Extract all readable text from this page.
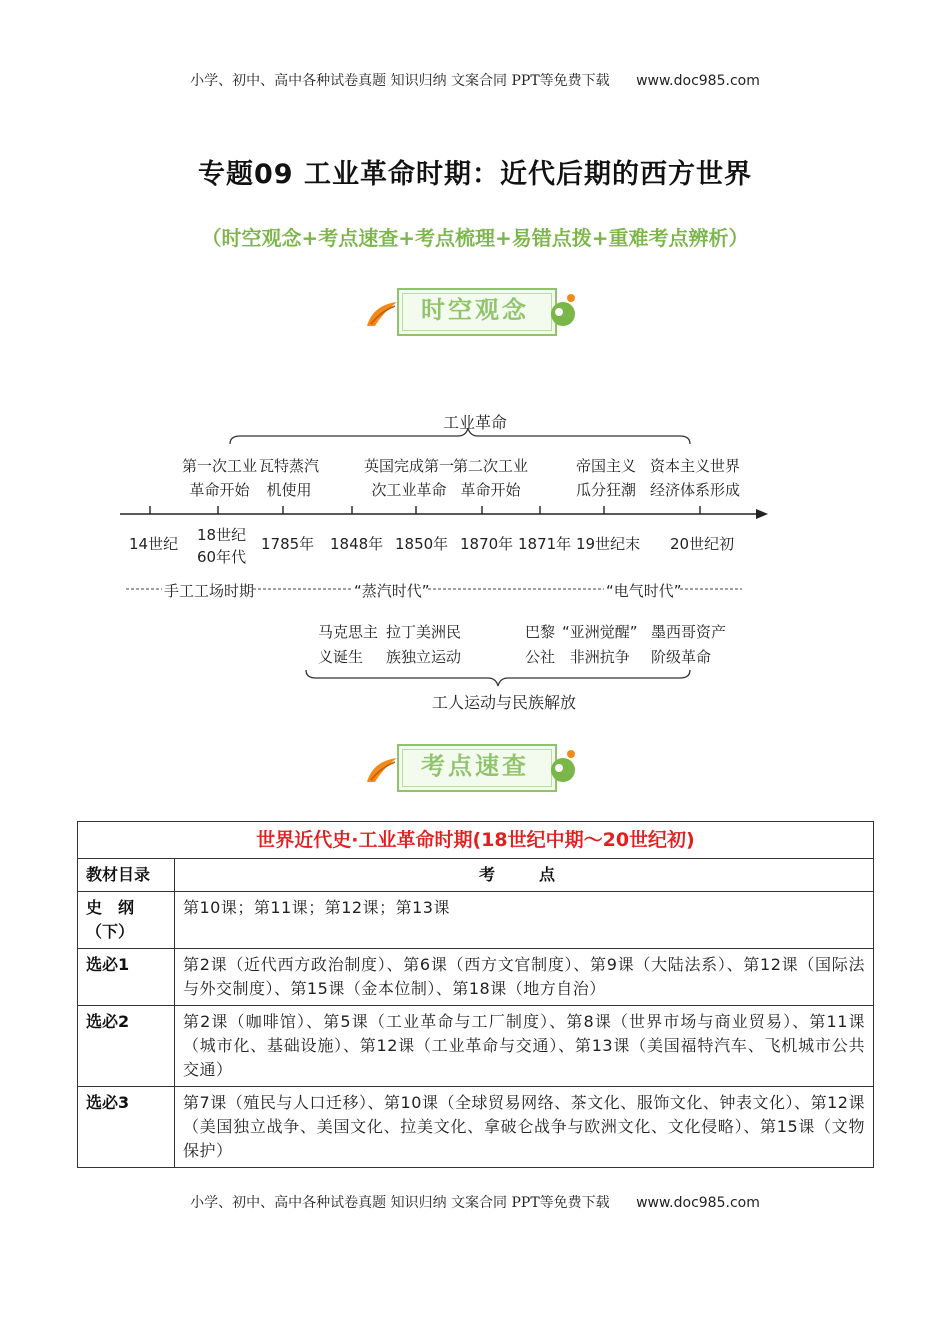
小学、初中、高中各种试卷真题 知识归纳 文案合同 PPT等免费下载 www.doc985.com
专题09 工业革命时期：近代后期的西方世界
（时空观念+考点速查+考点梳理+易错点拨+重难考点辨析）
时空观念
工业革命
第一次工业
革命开始
瓦特蒸汽
机使用
英国完成第一
次工业革命
第二次工业
革命开始
帝国主义
瓜分狂潮
资本主义世界
经济体系形成
14世纪 18世纪
60年代
1785年 1848年 1850年 1870年 1871年 19世纪末 20世纪初
手工工场时期	“蒸汽时代”	“电气时代”
马克思主
义诞生
拉丁美洲民
族独立运动
巴黎
公社
“亚洲觉醒”
非洲抗争
墨西哥资产
阶级革命
工人运动与民族解放
考点速查
世界近代史·工业革命时期(18世纪中期～20世纪初)	
教材目录	考　点
史　纲（下）	第10课；第11课；第12课；第13课
选必1	第2课（近代西方政治制度）、第6课（西方文官制度）、第9课（大陆法系）、第12课（国际法与外交制度）、第15课（金本位制）、第18课（地方自治）
选必2	第2课（咖啡馆）、第5课（工业革命与工厂制度）、第8课（世界市场与商业贸易）、第11课（城市化、基础设施）、第12课（工业革命与交通）、第13课（美国福特汽车、飞机城市公共交通）
选必3	第7课（殖民与人口迁移）、第10课（全球贸易网络、茶文化、服饰文化、钟表文化）、第12课（美国独立战争、美国文化、拉美文化、拿破仑战争与欧洲文化、文化侵略）、第15课（文物保护）
小学、初中、高中各种试卷真题 知识归纳 文案合同 PPT等免费下载 www.doc985.com
